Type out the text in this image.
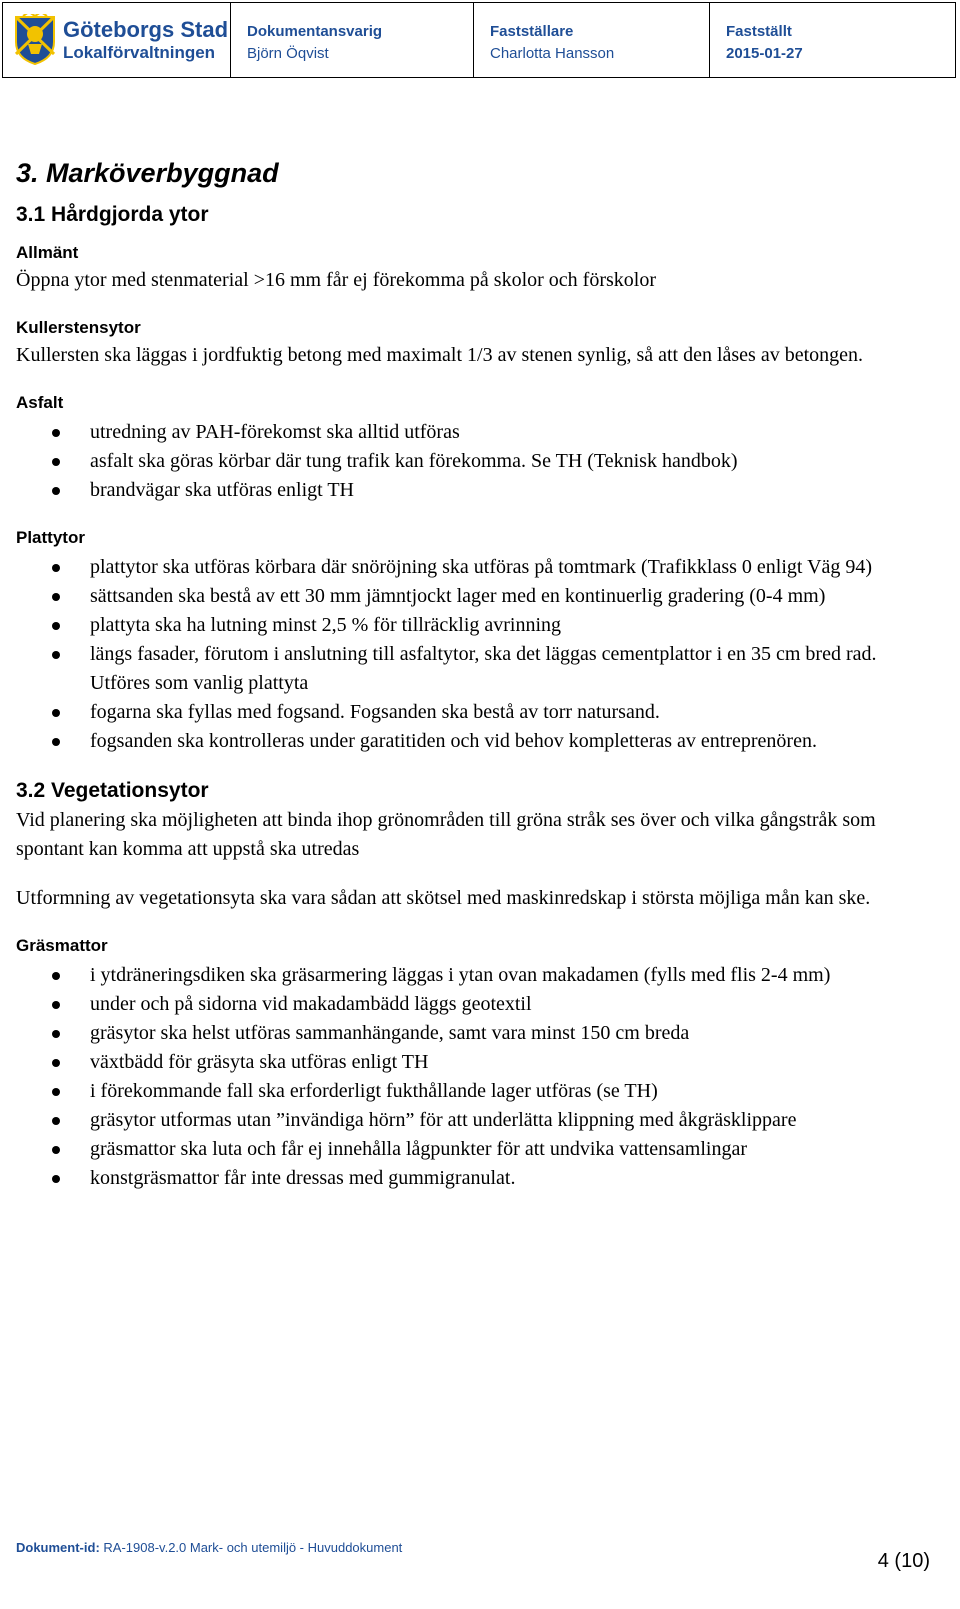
Göteborgs Stad
Lokalförvaltningen
Dokumentansvarig
Björn Öqvist
Fastställare
Charlotta Hansson
Fastställt
2015-01-27
3. Marköverbyggnad
3.1 Hårdgjorda ytor
Allmänt

Öppna ytor med stenmaterial >16 mm får ej förekomma på skolor och förskolor

Kullerstensytor

Kullersten ska läggas i jordfuktig betong med maximalt 1/3 av stenen synlig, så att den låses av betongen.

Asfalt
utredning av PAH-förekomst ska alltid utföras
asfalt ska göras körbar där tung trafik kan förekomma. Se TH (Teknisk handbok)
brandvägar ska utföras enligt TH
Plattytor
plattytor ska utföras körbara där snöröjning ska utföras på tomtmark (Trafikklass 0 enligt Väg 94)
sättsanden ska bestå av ett 30 mm jämntjockt lager med en kontinuerlig gradering (0-4 mm)
plattyta ska ha lutning minst 2,5 % för tillräcklig avrinning
längs fasader, förutom i anslutning till asfaltytor, ska det läggas cementplattor i en 35 cm bred rad. Utföres som vanlig plattyta
fogarna ska fyllas med fogsand. Fogsanden ska bestå av torr natursand.
fogsanden ska kontrolleras under garatitiden och vid behov kompletteras av entreprenören.
3.2 Vegetationsytor

Vid planering ska möjligheten att binda ihop grönområden till gröna stråk ses över och vilka gångstråk som spontant kan komma att uppstå ska utredas

Utformning av vegetationsyta ska vara sådan att skötsel med maskinredskap i största möjliga mån kan ske.

Gräsmattor
i ytdräneringsdiken ska gräsarmering läggas i ytan ovan makadamen (fylls med flis 2-4 mm)
under och på sidorna vid makadambädd läggs geotextil
gräsytor ska helst utföras sammanhängande, samt vara minst 150 cm breda
växtbädd för gräsyta ska utföras enligt TH
i förekommande fall ska erforderligt fukthållande lager utföras (se TH)
gräsytor utformas utan ”invändiga hörn” för att underlätta klippning med åkgräsklippare
gräsmattor ska luta och får ej innehålla lågpunkter för att undvika vattensamlingar
konstgräsmattor får inte dressas med gummigranulat.
Dokument-id: RA-1908-v.2.0 Mark- och utemiljö - Huvuddokument
4 (10)
